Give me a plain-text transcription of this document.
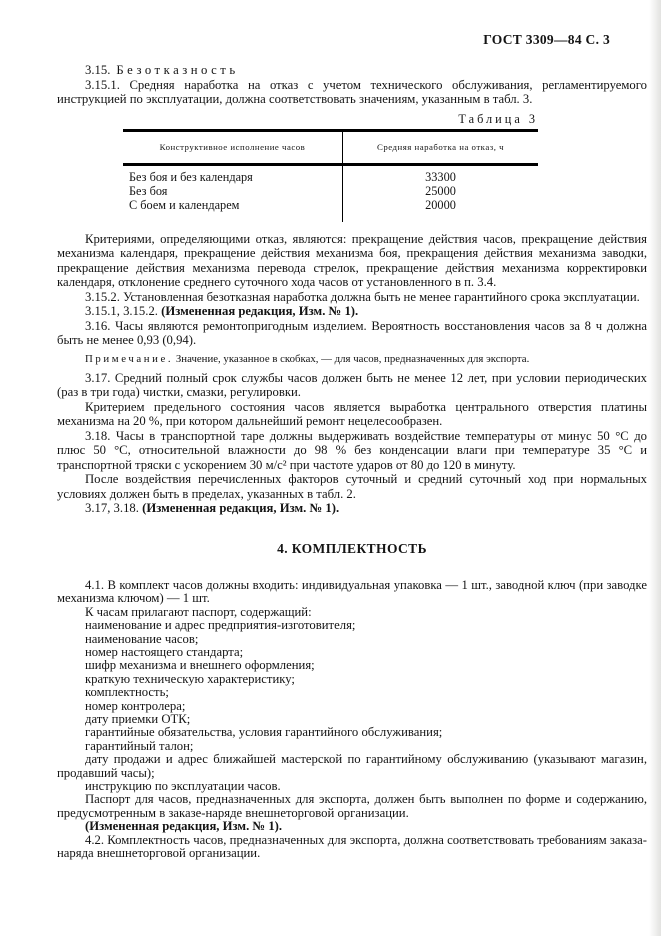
ГОСТ 3309—84 С. 3

3.15. Безотказность

3.15.1. Средняя наработка на отказ с учетом технического обслуживания, регламентируемого инструкцией по эксплуатации, должна соответствовать значениям, указанным в табл. 3.

Таблица 3
Конструктивное исполнение часов	Средняя наработка на отказ, ч
Без боя и без календаря	33300
Без боя	25000
С боем и календарем	20000

Критериями, определяющими отказ, являются: прекращение действия часов, прекращение действия механизма календаря, прекращение действия механизма боя, прекращения действия механизма заводки, прекращение действия механизма перевода стрелок, прекращение действия механизма корректировки календаря, отклонение среднего суточного хода часов от установленного в п. 3.4.

3.15.2. Установленная безотказная наработка должна быть не менее гарантийного срока эксплуатации.

3.15.1, 3.15.2. (Измененная редакция, Изм. № 1).

3.16. Часы являются ремонтопригодным изделием. Вероятность восстановления часов за 8 ч должна быть не менее 0,93 (0,94).

Примечание. Значение, указанное в скобках, — для часов, предназначенных для экспорта.

3.17. Средний полный срок службы часов должен быть не менее 12 лет, при условии периодических (раз в три года) чистки, смазки, регулировки.

Критерием предельного состояния часов является выработка центрального отверстия платины механизма на 20 %, при котором дальнейший ремонт нецелесообразен.

3.18. Часы в транспортной таре должны выдерживать воздействие температуры от минус 50 °С до плюс 50 °С, относительной влажности до 98 % без конденсации влаги при температуре 35 °С и транспортной тряски с ускорением 30 м/с² при частоте ударов от 80 до 120 в минуту.

После воздействия перечисленных факторов суточный и средний суточный ход при нормальных условиях должен быть в пределах, указанных в табл. 2.

3.17, 3.18. (Измененная редакция, Изм. № 1).

4. КОМПЛЕКТНОСТЬ

4.1. В комплект часов должны входить: индивидуальная упаковка — 1 шт., заводной ключ (при заводке механизма ключом) — 1 шт.

К часам прилагают паспорт, содержащий:

наименование и адрес предприятия-изготовителя;

наименование часов;

номер настоящего стандарта;

шифр механизма и внешнего оформления;

краткую техническую характеристику;

комплектность;

номер контролера;

дату приемки ОТК;

гарантийные обязательства, условия гарантийного обслуживания;

гарантийный талон;

дату продажи и адрес ближайшей мастерской по гарантийному обслуживанию (указывают магазин, продавший часы);

инструкцию по эксплуатации часов.

Паспорт для часов, предназначенных для экспорта, должен быть выполнен по форме и содержанию, предусмотренным в заказе-наряде внешнеторговой организации.

(Измененная редакция, Изм. № 1).

4.2. Комплектность часов, предназначенных для экспорта, должна соответствовать требованиям заказа-наряда внешнеторговой организации.
